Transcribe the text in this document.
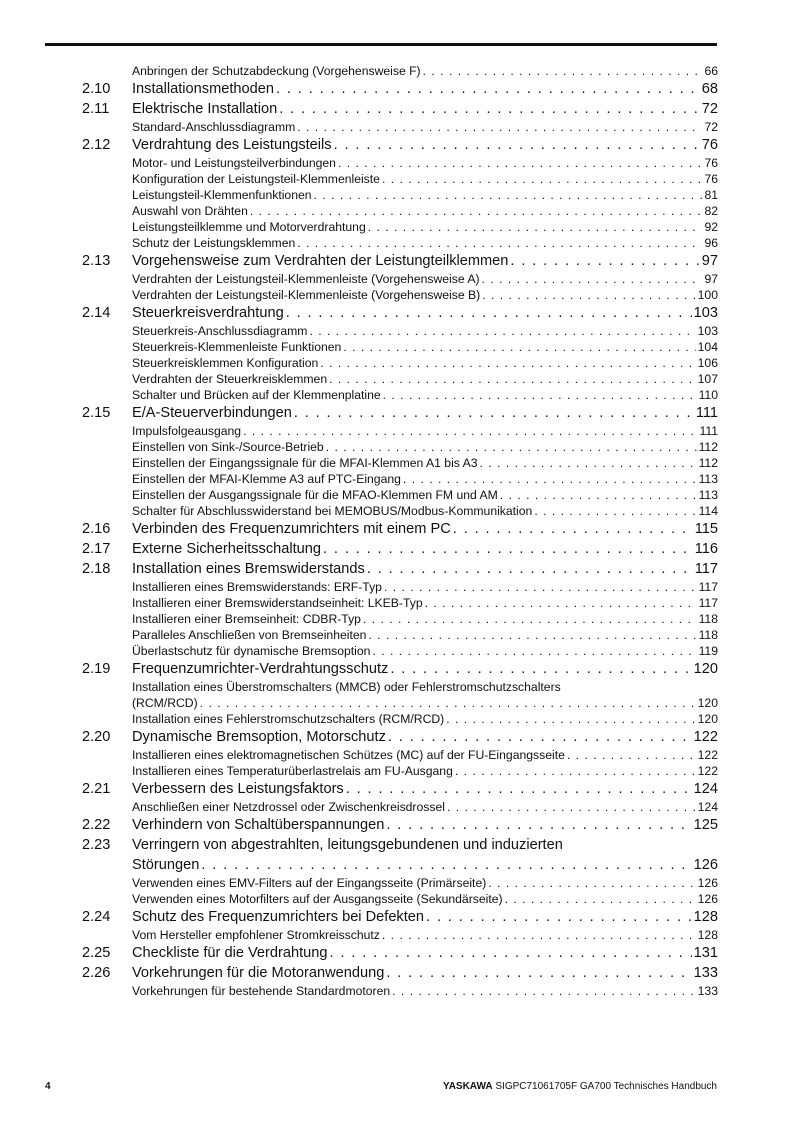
Anbringen der Schutzabdeckung (Vorgehensweise F) . . .	66
2.10	Installationsmethoden . . .	68
2.11	Elektrische Installation . . .	72
Standard-Anschlussdiagramm . . .	72
2.12	Verdrahtung des Leistungsteils . . .	76
Motor- und Leistungsteilverbindungen . . .	76
Konfiguration der Leistungsteil-Klemmenleiste . . .	76
Leistungsteil-Klemmenfunktionen . . .	81
Auswahl von Drähten . . .	82
Leistungsteilklemme und Motorverdrahtung . . .	92
Schutz der Leistungsklemmen . . .	96
2.13	Vorgehensweise zum Verdrahten der Leistungteilklemmen . . .	97
Verdrahten der Leistungsteil-Klemmenleiste (Vorgehensweise A) . . .	97
Verdrahten der Leistungsteil-Klemmenleiste (Vorgehensweise B) . . .	100
2.14	Steuerkreisverdrahtung . . .	103
Steuerkreis-Anschlussdiagramm . . .	103
Steuerkreis-Klemmenleiste Funktionen . . .	104
Steuerkreisklemmen Konfiguration . . .	106
Verdrahten der Steuerkreisklemmen . . .	107
Schalter und Brücken auf der Klemmenplatine . . .	110
2.15	E/A-Steuerverbindungen . . .	111
Impulsfolgeausgang . . .	111
Einstellen von Sink-/Source-Betrieb . . .	112
Einstellen der Eingangssignale für die MFAI-Klemmen A1 bis A3 . . .	112
Einstellen der MFAI-Klemme A3 auf PTC-Eingang . . .	113
Einstellen der Ausgangssignale für die MFAO-Klemmen FM und AM . . .	113
Schalter für Abschlusswiderstand bei MEMOBUS/Modbus-Kommunikation . . .	114
2.16	Verbinden des Frequenzumrichters mit einem PC . . .	115
2.17	Externe Sicherheitsschaltung . . .	116
2.18	Installation eines Bremswiderstands . . .	117
Installieren eines Bremswiderstands: ERF-Typ . . .	117
Installieren einer Bremswiderstandseinheit: LKEB-Typ . . .	117
Installieren einer Bremseinheit: CDBR-Typ . . .	118
Paralleles Anschließen von Bremseinheiten . . .	118
Überlastschutz für dynamische Bremsoption . . .	119
2.19	Frequenzumrichter-Verdrahtungsschutz . . .	120
Installation eines Überstromschalters (MMCB) oder Fehlerstromschutzschalters
(RCM/RCD) . . .	120
Installation eines Fehlerstromschutzschalters (RCM/RCD) . . .	120
2.20	Dynamische Bremsoption, Motorschutz . . .	122
Installieren eines elektromagnetischen Schützes (MC) auf der FU-Eingangsseite . . .	122
Installieren eines Temperaturüberlastrelais am FU-Ausgang . . .	122
2.21	Verbessern des Leistungsfaktors . . .	124
Anschließen einer Netzdrossel oder Zwischenkreisdrossel . . .	124
2.22	Verhindern von Schaltüberspannungen . . .	125
2.23	Verringern von abgestrahlten, leitungsgebundenen und induzierten
Störungen . . .	126
Verwenden eines EMV-Filters auf der Eingangsseite (Primärseite) . . .	126
Verwenden eines Motorfilters auf der Ausgangsseite (Sekundärseite) . . .	126
2.24	Schutz des Frequenzumrichters bei Defekten . . .	128
Vom Hersteller empfohlener Stromkreisschutz . . .	128
2.25	Checkliste für die Verdrahtung . . .	131
2.26	Vorkehrungen für die Motoranwendung . . .	133
Vorkehrungen für bestehende Standardmotoren . . .	133
4	YASKAWA SIGPC71061705F GA700 Technisches Handbuch
